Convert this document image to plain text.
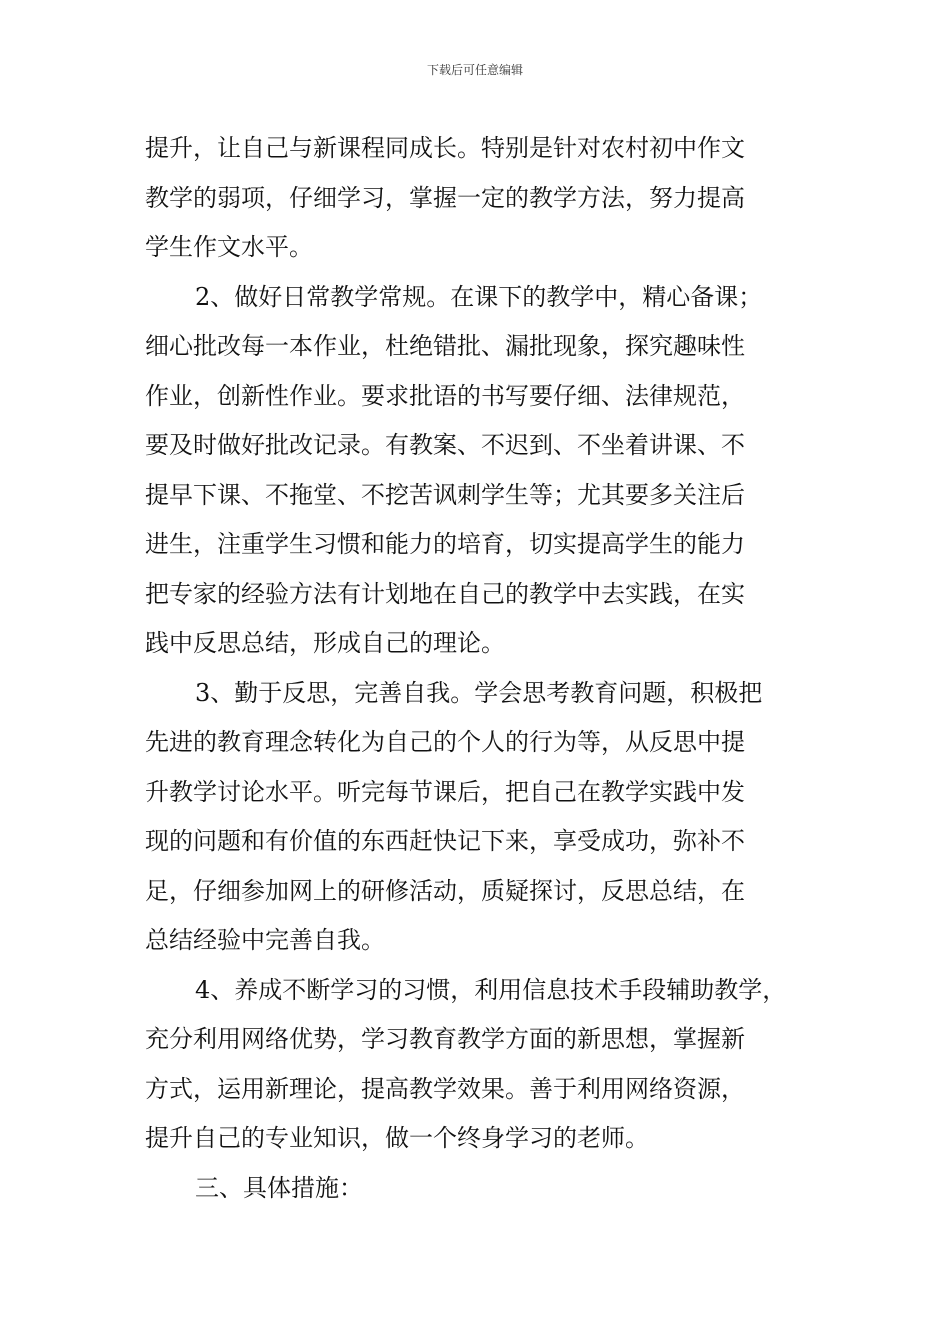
下载后可任意编辑
提升，让自己与新课程同成长。特别是针对农村初中作文
教学的弱项，仔细学习，掌握一定的教学方法，努力提高
学生作文水平。
2、做好日常教学常规。在课下的教学中，精心备课；
细心批改每一本作业，杜绝错批、漏批现象，探究趣味性
作业，创新性作业。要求批语的书写要仔细、法律规范，
要及时做好批改记录。有教案、不迟到、不坐着讲课、不
提早下课、不拖堂、不挖苦讽刺学生等；尤其要多关注后
进生，注重学生习惯和能力的培育，切实提高学生的能力
把专家的经验方法有计划地在自己的教学中去实践，在实
践中反思总结，形成自己的理论。
3、勤于反思，完善自我。学会思考教育问题，积极把
先进的教育理念转化为自己的个人的行为等，从反思中提
升教学讨论水平。听完每节课后，把自己在教学实践中发
现的问题和有价值的东西赶快记下来，享受成功，弥补不
足，仔细参加网上的研修活动，质疑探讨，反思总结，在
总结经验中完善自我。
4、养成不断学习的习惯，利用信息技术手段辅助教学，
充分利用网络优势，学习教育教学方面的新思想，掌握新
方式，运用新理论，提高教学效果。善于利用网络资源，
提升自己的专业知识，做一个终身学习的老师。
三、具体措施：
